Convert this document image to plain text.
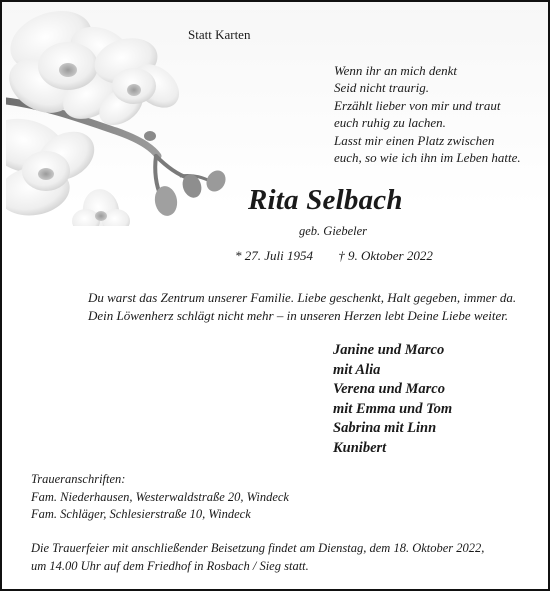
Statt Karten
Wenn ihr an mich denkt
Seid nicht traurig.
Erzählt lieber von mir und traut
euch ruhig zu lachen.
Lasst mir einen Platz zwischen
euch, so wie ich ihn im Leben hatte.
Rita Selbach
geb. Giebeler
* 27. Juli 1954 † 9. Oktober 2022
Du warst das Zentrum unserer Familie. Liebe geschenkt, Halt gegeben, immer da.
Dein Löwenherz schlägt nicht mehr – in unseren Herzen lebt Deine Liebe weiter.
Janine und Marco
mit Alia
Verena und Marco
mit Emma und Tom
Sabrina mit Linn
Kunibert
Traueranschriften:
Fam. Niederhausen, Westerwaldstraße 20, Windeck
Fam. Schläger, Schlesierstraße 10, Windeck
Die Trauerfeier mit anschließender Beisetzung findet am Dienstag, dem 18. Oktober 2022,
um 14.00 Uhr auf dem Friedhof in Rosbach / Sieg statt.
